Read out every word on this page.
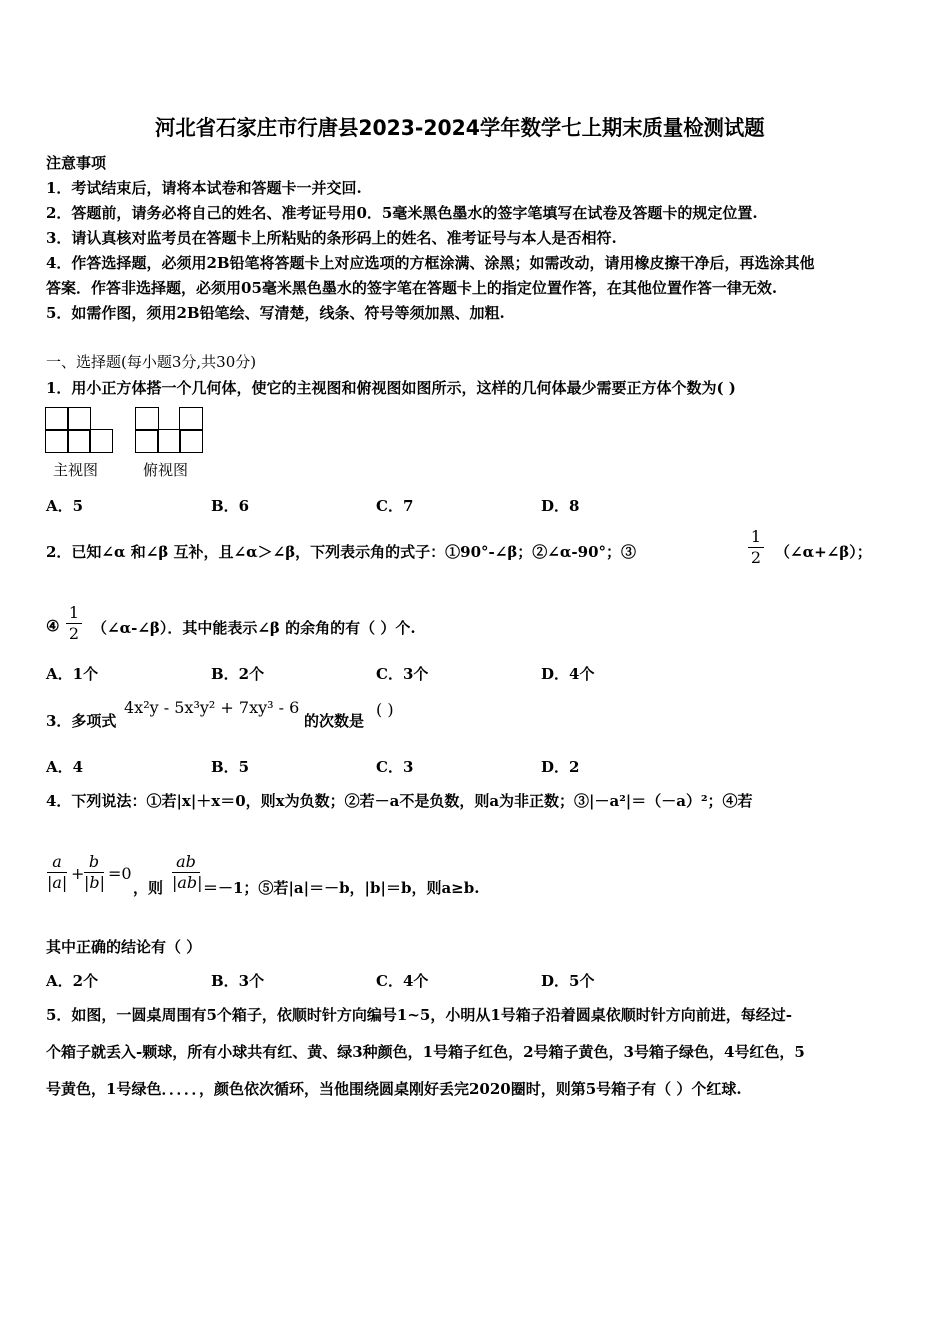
河北省石家庄市行唐县2023-2024学年数学七上期末质量检测试题
注意事项
1．考试结束后，请将本试卷和答题卡一并交回.
2．答题前，请务必将自己的姓名、准考证号用0．5毫米黑色墨水的签字笔填写在试卷及答题卡的规定位置.
3．请认真核对监考员在答题卡上所粘贴的条形码上的姓名、准考证号与本人是否相符.
4．作答选择题，必须用2B铅笔将答题卡上对应选项的方框涂满、涂黑；如需改动，请用橡皮擦干净后，再选涂其他
答案．作答非选择题，必须用05毫米黑色墨水的签字笔在答题卡上的指定位置作答，在其他位置作答一律无效.
5．如需作图，须用2B铅笔绘、写清楚，线条、符号等须加黑、加粗.
一、选择题(每小题3分,共30分)
1．用小正方体搭一个几何体，使它的主视图和俯视图如图所示，这样的几何体最少需要正方体个数为( )
主视图	俯视图
A．5	B．6	C．7	D．8
2．已知∠α 和∠β 互补，且∠α＞∠β，下列表示角的式子：①90°-∠β；②∠α-90°；③
1
2 （∠α+∠β）；
④
1
2 （∠α-∠β）．其中能表示∠β 的余角的有（ ）个.
A．1个	B．2个	C．3个	D．4个
3．多项式
4x²y - 5x³y² + 7xy³ - 6
的次数是
( )
A．4	B．5	C．3	D．2
4．下列说法：①若|x|＋x＝0，则x为负数；②若－a不是负数，则a为非正数；③|－a²|＝（－a）²；④若
a
|a| +
b
|b| =0
，则
ab
|ab| ＝－1；⑤若|a|＝－b，|b|＝b，则a≥b.
其中正确的结论有（ ）
A．2个	B．3个	C．4个	D．5个
5．如图，一圆桌周围有5个箱子，依顺时针方向编号1~5，小明从1号箱子沿着圆桌依顺时针方向前进，每经过-
个箱子就丢入-颗球，所有小球共有红、黄、绿3种颜色，1号箱子红色，2号箱子黄色，3号箱子绿色，4号红色，5
号黄色，1号绿色．．．．．，颜色依次循环，当他围绕圆桌刚好丢完2020圈时，则第5号箱子有（ ）个红球.
